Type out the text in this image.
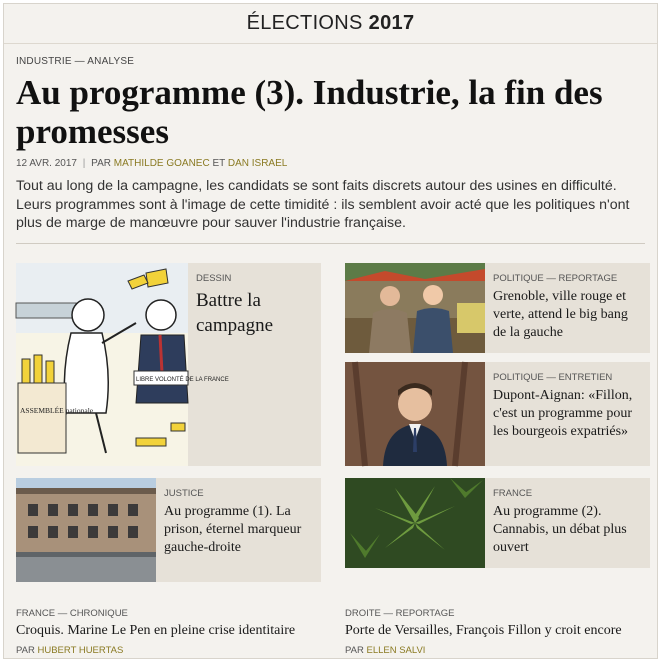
ÉLECTIONS 2017
INDUSTRIE — ANALYSE
Au programme (3). Industrie, la fin des promesses
12 AVR. 2017 | PAR MATHILDE GOANEC ET DAN ISRAEL

Tout au long de la campagne, les candidats se sont faits discrets autour des usines en difficulté. Leurs programmes sont à l'image de cette timidité : ils semblent avoir acté que les politiques n'ont plus de marge de manœuvre pour sauver l'industrie française.

LIBRE VOLONTÉ DE LA FRANCE
ASSEMBLÉE nationale
DESSIN
Battre la campagne
POLITIQUE — REPORTAGE
Grenoble, ville rouge et verte, attend le big bang de la gauche
POLITIQUE — ENTRETIEN
Dupont-Aignan: «Fillon, c'est un programme pour les bourgeois expatriés»
JUSTICE
Au programme (1). La prison, éternel marqueur gauche-droite
FRANCE
Au programme (2). Cannabis, un débat plus ouvert
FRANCE — CHRONIQUE
Croquis. Marine Le Pen en pleine crise identitaire
PAR HUBERT HUERTAS
DROITE — REPORTAGE
Porte de Versailles, François Fillon y croit encore
PAR ELLEN SALVI
